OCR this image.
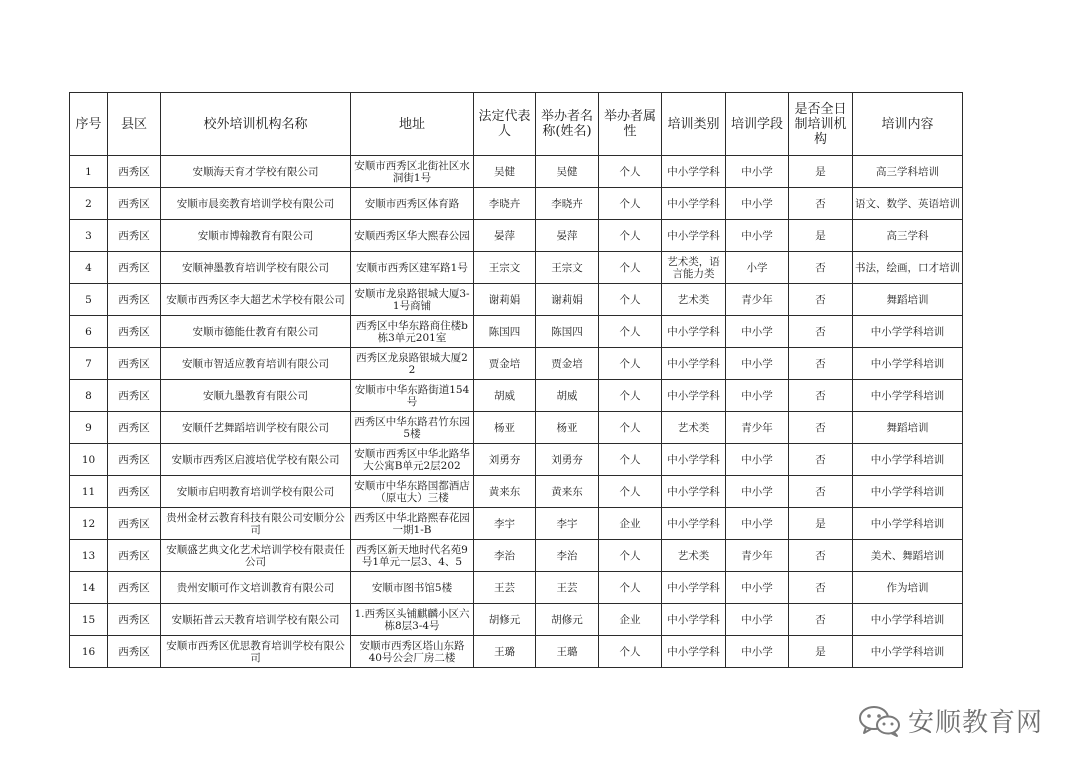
序号	县区	校外培训机构名称	地址	法定代表人	举办者名称(姓名)	举办者属性	培训类别	培训学段	是否全日制培训机构	培训内容
1	西秀区	安顺海天育才学校有限公司	安顺市西秀区北街社区水洞街1号	吴健	吴健	个人	中小学学科	中小学	是	高三学科培训
2	西秀区	安顺市晨奕教育培训学校有限公司	安顺市西秀区体育路	李晓卉	李晓卉	个人	中小学学科	中小学	否	语文、数学、英语培训
3	西秀区	安顺市博翰教育有限公司	安顺西秀区华大熙春公园	晏萍	晏萍	个人	中小学学科	中小学	是	高三学科
4	西秀区	安顺神墨教育培训学校有限公司	安顺市西秀区建军路1号	王宗文	王宗文	个人	艺术类，语言能力类	小学	否	书法，绘画，口才培训
5	西秀区	安顺市西秀区李大超艺术学校有限公司	安顺市龙泉路银城大厦3-1号商铺	谢莉娟	谢莉娟	个人	艺术类	青少年	否	舞蹈培训
6	西秀区	安顺市德能仕教育有限公司	西秀区中华东路商住楼b栋3单元201室	陈国四	陈国四	个人	中小学学科	中小学	否	中小学学科培训
7	西秀区	安顺市智适应教育培训有限公司	西秀区龙泉路银城大厦2 2	贾金培	贾金培	个人	中小学学科	中小学	否	中小学学科培训
8	西秀区	安顺九墨教育有限公司	安顺市中华东路街道154号	胡威	胡威	个人	中小学学科	中小学	否	中小学学科培训
9	西秀区	安顺仟艺舞蹈培训学校有限公司	西秀区中华东路君竹东园5楼	杨亚	杨亚	个人	艺术类	青少年	否	舞蹈培训
10	西秀区	安顺市西秀区启渡培优学校有限公司	安顺市西秀区中华北路华大公寓B单元2层202	刘勇夯	刘勇夯	个人	中小学学科	中小学	否	中小学学科培训
11	西秀区	安顺市启明教育培训学校有限公司	安顺市中华东路国都酒店（原屯大）三楼	黄来东	黄来东	个人	中小学学科	中小学	否	中小学学科培训
12	西秀区	贵州金材云教育科技有限公司安顺分公司	西秀区中华北路熙春花园一期1-B	李宇	李宇	企业	中小学学科	中小学	是	中小学学科培训
13	西秀区	安顺盛艺典文化艺术培训学校有限责任公司	西秀区新天地时代名苑9号1单元一层3、4、5	李治	李治	个人	艺术类	青少年	否	美术、舞蹈培训
14	西秀区	贵州安顺可作文培训教育有限公司	安顺市图书馆5楼	王芸	王芸	个人	中小学学科	中小学	否	作为培训
15	西秀区	安顺拓普云天教育培训学校有限公司	1.西秀区头铺麒麟小区六栋8层3-4号	胡修元	胡修元	企业	中小学学科	中小学	否	中小学学科培训
16	西秀区	安顺市西秀区优思教育培训学校有限公司	安顺市西秀区塔山东路40号公会厂房二楼	王璐	王璐	个人	中小学学科	中小学	是	中小学学科培训
安顺教育网
